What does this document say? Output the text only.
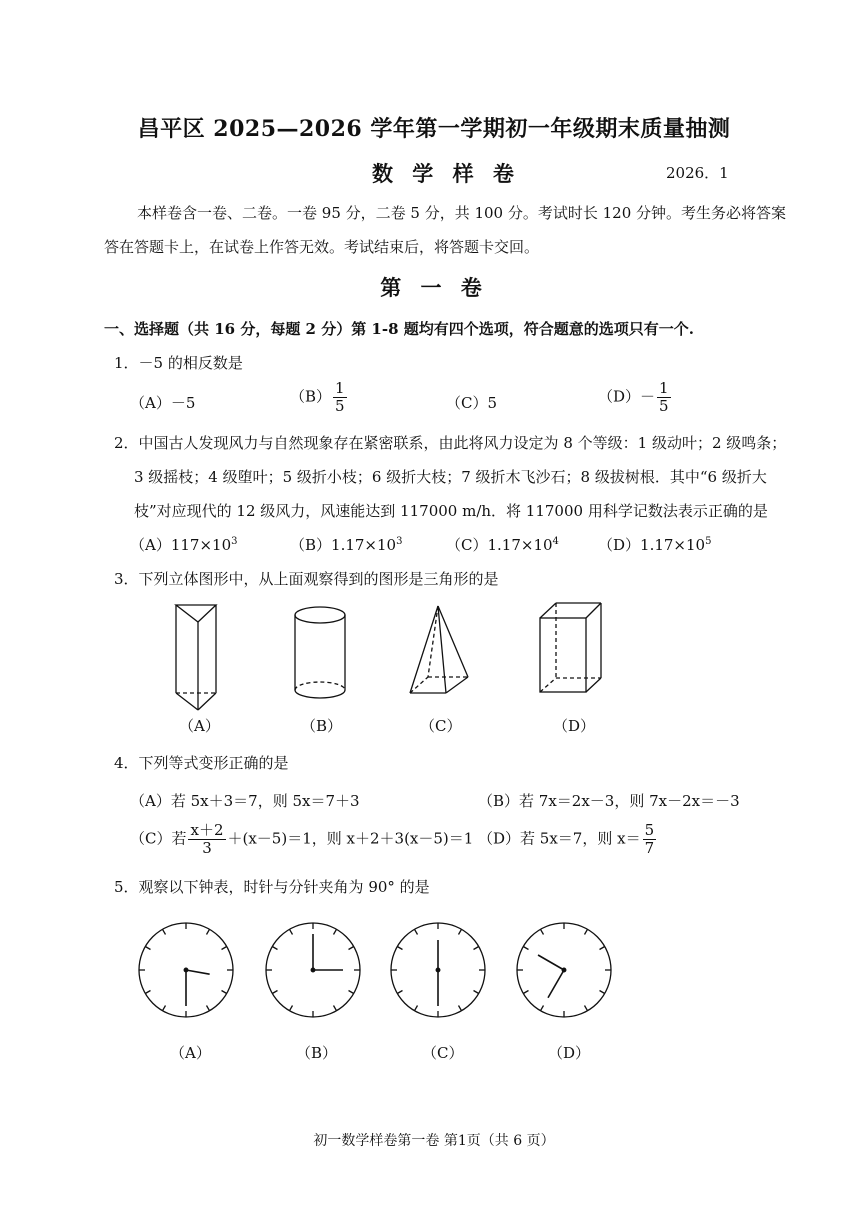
昌平区 2025—2026 学年第一学期初一年级期末质量抽测
数 学 样 卷	2026．1
本样卷含一卷、二卷。一卷 95 分，二卷 5 分，共 100 分。考试时长 120 分钟。考生务必将答案
答在答题卡上，在试卷上作答无效。考试结束后，将答题卡交回。
第 一 卷
一、选择题（共 16 分，每题 2 分）第 1-8 题均有四个选项，符合题意的选项只有一个.
1．－5 的相反数是
（A）－5	$(B) \frac{1}{5}$	（C）5	$(D)- \frac{1}{5}$
2．中国古人发现风力与自然现象存在紧密联系，由此将风力设定为 8 个等级：1 级动叶；2 级鸣条；
3 级摇枝；4 级堕叶；5 级折小枝；6 级折大枝；7 级折木飞沙石；8 级拔树根．其中“6 级折大
枝”对应现代的 12 级风力，风速能达到 117000 m/h．将 117000 用科学记数法表示正确的是
$(A)117\times 10^3$	$(B)1.17\times 10^3$	$(C)1.17\times 10^4$	$(D)1.17\times 10^5$
3．下列立体图形中，从上面观察得到的图形是三角形的是
（A）	（B）	（C）	（D）
4．下列等式变形正确的是
（A）若 5x＋3＝7，则 5x＝7＋3	（B）若 7x＝2x－3，则 7x－2x＝－3
（C）若 $\frac{x+2}{3} +(x-5)=1$，则 x＋2＋3(x－5)＝1 （D）若 5x＝7，则 $x= \frac{5}{7}$
5．观察以下钟表，时针与分针夹角为 90° 的是
（A）	（B）	（C）	（D）
初一数学样卷第一卷 第1页（共 6 页）
